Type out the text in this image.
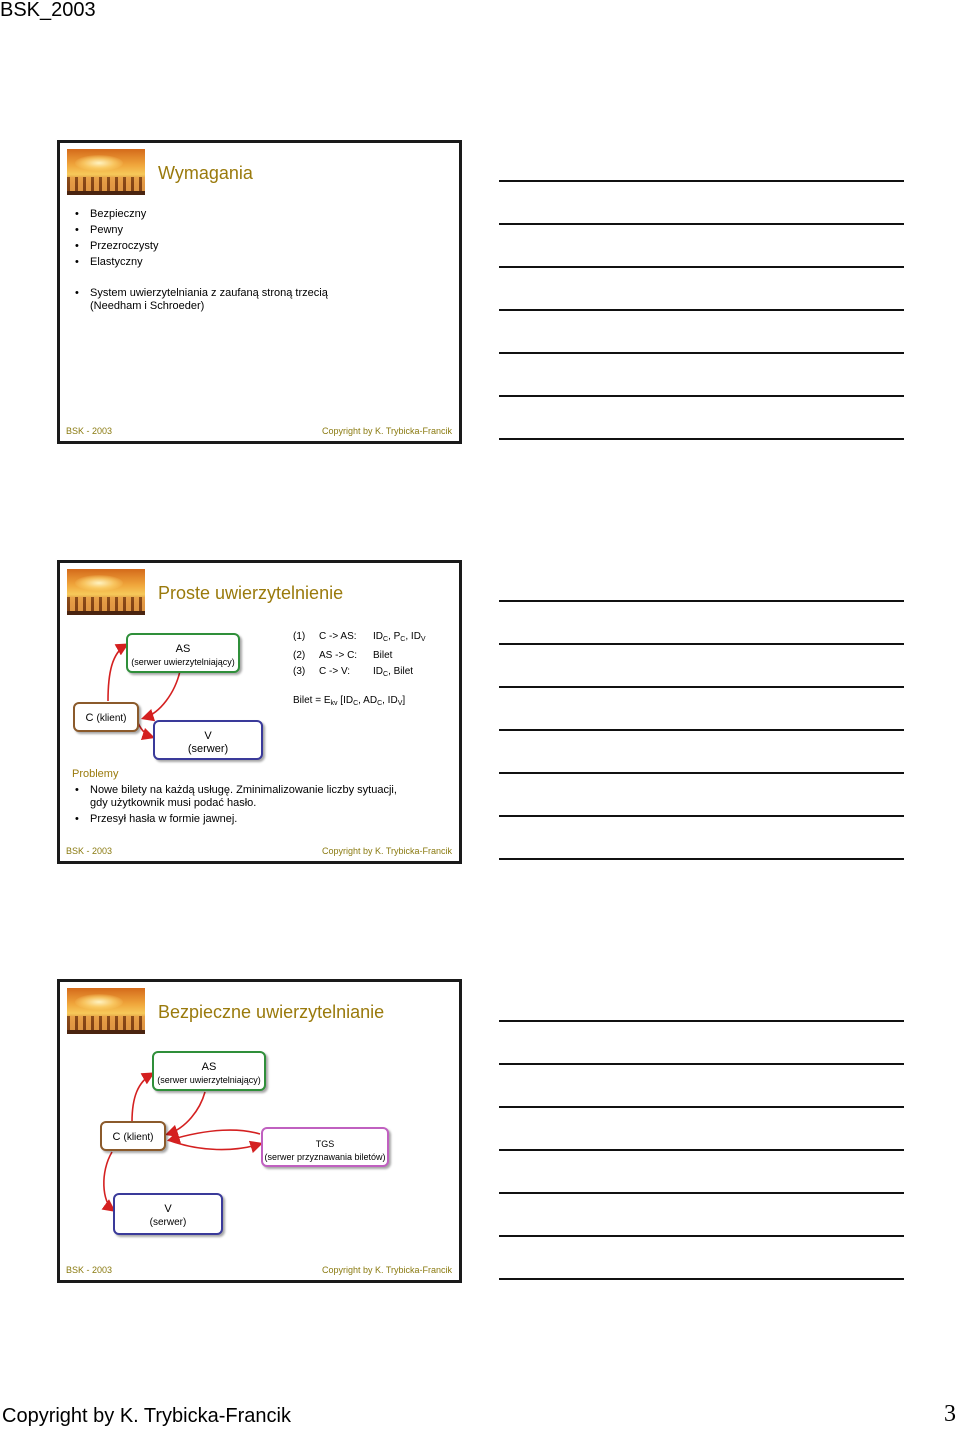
BSK_2003
Wymagania
• Bezpieczny
• Pewny
• Przezroczysty
• Elastyczny
• System uwierzytelniania z zaufaną stroną trzecią
(Needham i Schroeder)
BSK - 2003	Copyright by K. Trybicka-Francik
Proste uwierzytelnienie
AS
(serwer uwierzytelniający)
C (klient)
V
(serwer)
(1) C -> AS: $ID_C$, $P_C$, $ID_V$
(2) AS -> C: Bilet
(3) C -> V: $ID_C$, Bilet
Bilet = $E_{kv}$ [$ID_C$, $AD_C$, $ID_V$]
Problemy
• Nowe bilety na każdą usługę. Zminimalizowanie liczby sytuacji,
gdy użytkownik musi podać hasło.
• Przesył hasła w formie jawnej.
BSK - 2003	Copyright by K. Trybicka-Francik
Bezpieczne uwierzytelnianie
AS
(serwer uwierzytelniający)
C (klient)
TGS
(serwer przyznawania biletów)
V
(serwer)
BSK - 2003	Copyright by K. Trybicka-Francik
Copyright by K. Trybicka-Francik	3
